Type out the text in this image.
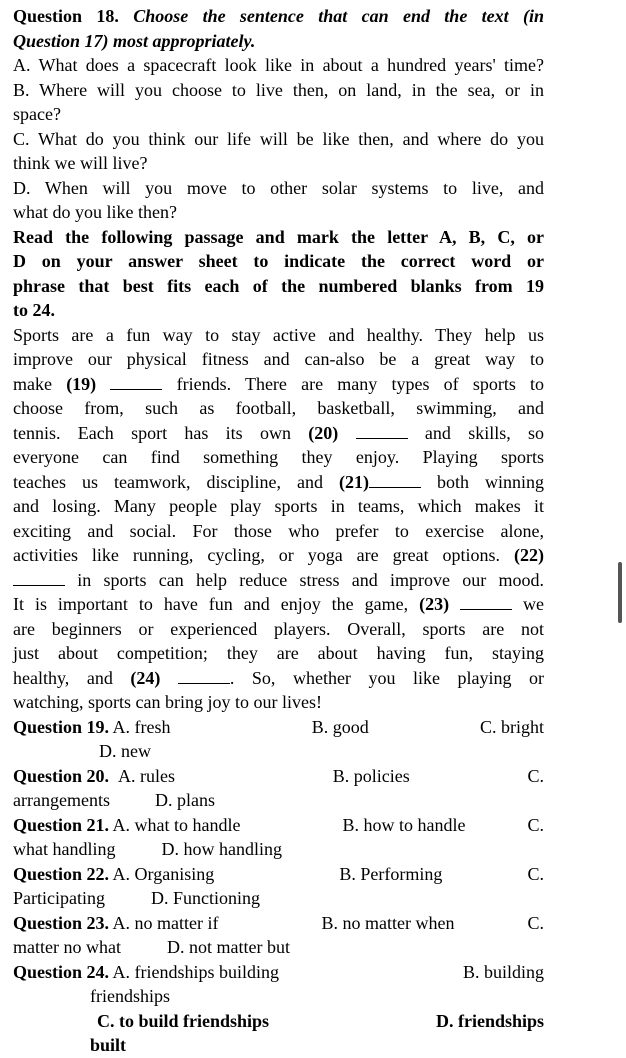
Question 18. Choose the sentence that can end the text (in
Question 17) most appropriately.
A. What does a spacecraft look like in about a hundred years' time?
B. Where will you choose to live then, on land, in the sea, or in
space?
C. What do you think our life will be like then, and where do you
think we will live?
D. When will you move to other solar systems to live, and
what do you like then?
Read the following passage and mark the letter A, B, C, or
D on your answer sheet to indicate the correct word or
phrase that best fits each of the numbered blanks from 19
to 24.
Sports are a fun way to stay active and healthy. They help us
improve our physical fitness and can-also be a great way to
make (19)	friends. There are many types of sports to
choose from, such as football, basketball, swimming, and
tennis. Each sport has its own (20)	and skills, so
everyone can find something they enjoy. Playing sports
teaches us teamwork, discipline, and (21)	both winning
and losing. Many people play sports in teams, which makes it
exciting and social. For those who prefer to exercise alone,
activities like running, cycling, or yoga are great options. (22)
in sports can help reduce stress and improve our mood.
It is important to have fun and enjoy the game, (23)	we
are beginners or experienced players. Overall, sports are not
just about competition; they are about having fun, staying
healthy, and (24)	. So, whether you like playing or
watching, sports can bring joy to our lives!
Question 19. A. fresh	B. good	C. bright
D. new
Question 20. A. rules	B. policies	C.
arrangements	D. plans
Question 21. A. what to handle	B. how to handle	C.
what handling	D. how handling
Question 22. A. Organising	B. Performing	C.
Participating	D. Functioning
Question 23. A. no matter if	B. no matter when	C.
matter no what	D. not matter but
Question 24. A. friendships building	B. building
friendships
C. to build friendships	D. friendships
built
